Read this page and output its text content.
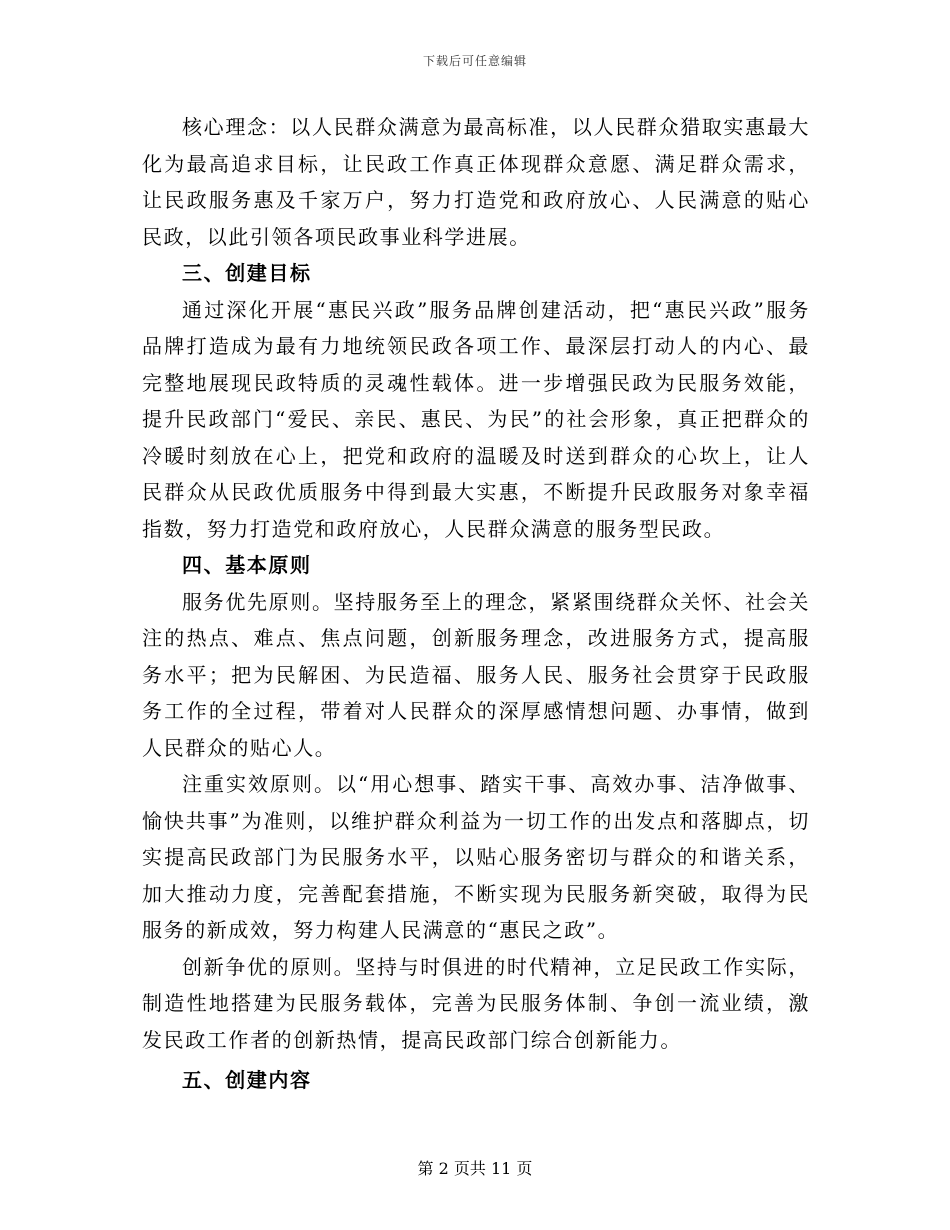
下载后可任意编辑

核心理念：以人民群众满意为最高标准，以人民群众猎取实惠最大化为最高追求目标，让民政工作真正体现群众意愿、满足群众需求，让民政服务惠及千家万户，努力打造党和政府放心、人民满意的贴心民政，以此引领各项民政事业科学进展。

三、创建目标

通过深化开展“惠民兴政”服务品牌创建活动，把“惠民兴政”服务品牌打造成为最有力地统领民政各项工作、最深层打动人的内心、最完整地展现民政特质的灵魂性载体。进一步增强民政为民服务效能，提升民政部门“爱民、亲民、惠民、为民”的社会形象，真正把群众的冷暖时刻放在心上，把党和政府的温暖及时送到群众的心坎上，让人民群众从民政优质服务中得到最大实惠，不断提升民政服务对象幸福指数，努力打造党和政府放心，人民群众满意的服务型民政。

四、基本原则

服务优先原则。坚持服务至上的理念，紧紧围绕群众关怀、社会关注的热点、难点、焦点问题，创新服务理念，改进服务方式，提高服务水平；把为民解困、为民造福、服务人民、服务社会贯穿于民政服务工作的全过程，带着对人民群众的深厚感情想问题、办事情，做到人民群众的贴心人。

注重实效原则。以“用心想事、踏实干事、高效办事、洁净做事、愉快共事”为准则，以维护群众利益为一切工作的出发点和落脚点，切实提高民政部门为民服务水平，以贴心服务密切与群众的和谐关系，加大推动力度，完善配套措施，不断实现为民服务新突破，取得为民服务的新成效，努力构建人民满意的“惠民之政”。

创新争优的原则。坚持与时俱进的时代精神，立足民政工作实际，制造性地搭建为民服务载体，完善为民服务体制、争创一流业绩，激发民政工作者的创新热情，提高民政部门综合创新能力。

五、创建内容

第 2 页共 11 页
